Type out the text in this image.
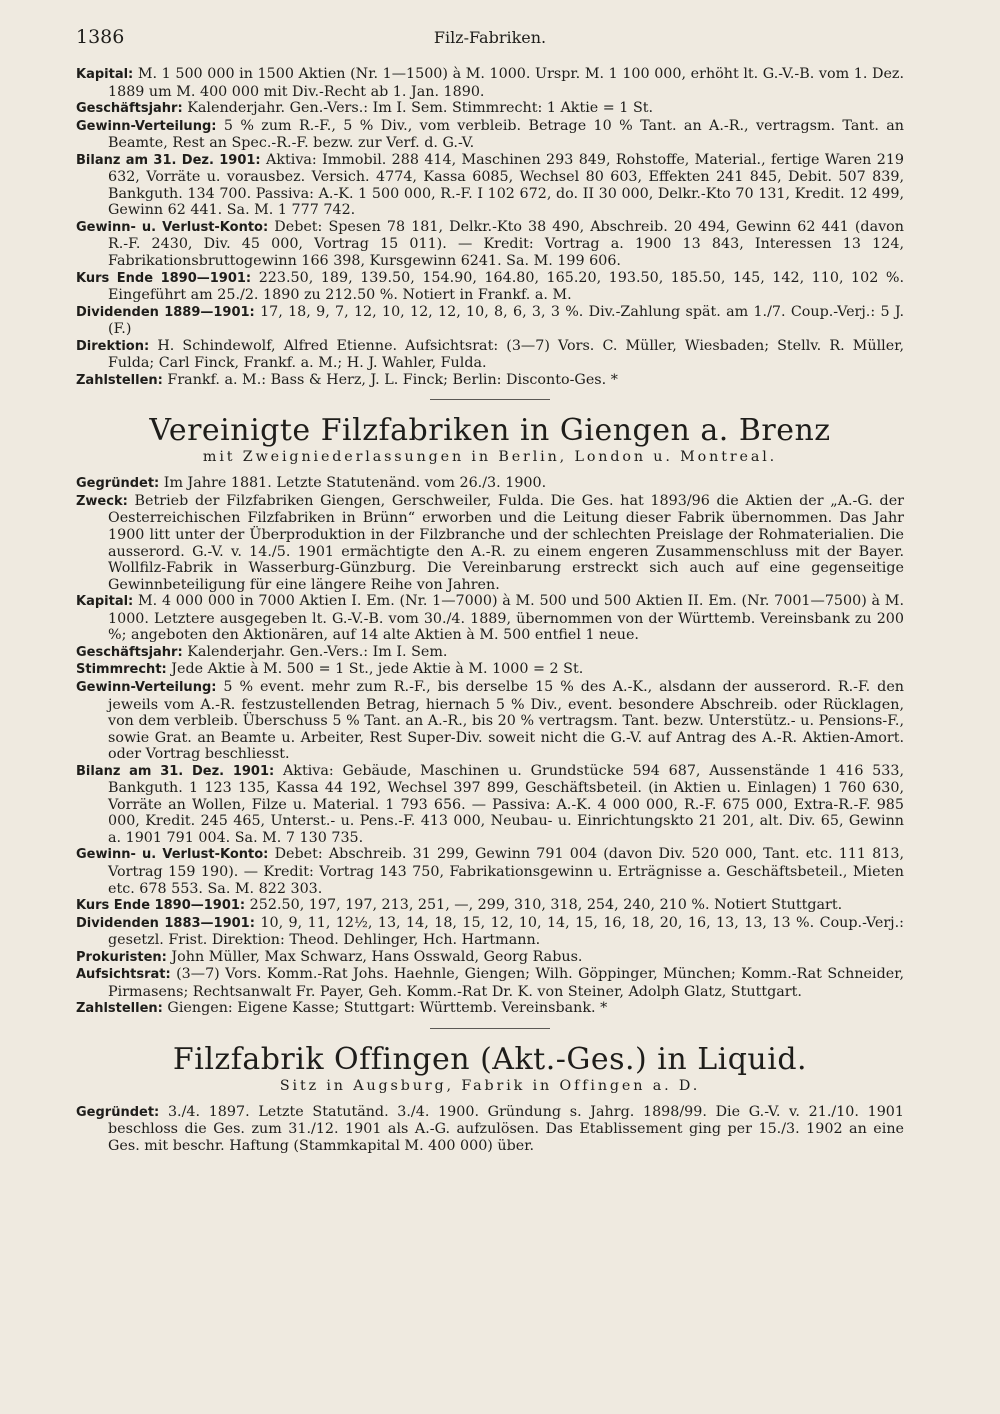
1386	Filz-Fabriken.

Kapital: M. 1 500 000 in 1500 Aktien (Nr. 1—1500) à M. 1000. Urspr. M. 1 100 000, erhöht lt. G.-V.-B. vom 1. Dez. 1889 um M. 400 000 mit Div.-Recht ab 1. Jan. 1890.

Geschäftsjahr: Kalenderjahr. Gen.-Vers.: Im I. Sem. Stimmrecht: 1 Aktie = 1 St.

Gewinn-Verteilung: 5 % zum R.-F., 5 % Div., vom verbleib. Betrage 10 % Tant. an A.-R., vertragsm. Tant. an Beamte, Rest an Spec.-R.-F. bezw. zur Verf. d. G.-V.

Bilanz am 31. Dez. 1901: Aktiva: Immobil. 288 414, Maschinen 293 849, Rohstoffe, Material., fertige Waren 219 632, Vorräte u. vorausbez. Versich. 4774, Kassa 6085, Wechsel 80 603, Effekten 241 845, Debit. 507 839, Bankguth. 134 700. Passiva: A.-K. 1 500 000, R.-F. I 102 672, do. II 30 000, Delkr.-Kto 70 131, Kredit. 12 499, Gewinn 62 441. Sa. M. 1 777 742.

Gewinn- u. Verlust-Konto: Debet: Spesen 78 181, Delkr.-Kto 38 490, Abschreib. 20 494, Gewinn 62 441 (davon R.-F. 2430, Div. 45 000, Vortrag 15 011). — Kredit: Vortrag a. 1900 13 843, Interessen 13 124, Fabrikationsbruttogewinn 166 398, Kursgewinn 6241. Sa. M. 199 606.

Kurs Ende 1890—1901: 223.50, 189, 139.50, 154.90, 164.80, 165.20, 193.50, 185.50, 145, 142, 110, 102 %. Eingeführt am 25./2. 1890 zu 212.50 %. Notiert in Frankf. a. M.

Dividenden 1889—1901: 17, 18, 9, 7, 12, 10, 12, 12, 10, 8, 6, 3, 3 %. Div.-Zahlung spät. am 1./7. Coup.-Verj.: 5 J. (F.)

Direktion: H. Schindewolf, Alfred Etienne. Aufsichtsrat: (3—7) Vors. C. Müller, Wiesbaden; Stellv. R. Müller, Fulda; Carl Finck, Frankf. a. M.; H. J. Wahler, Fulda.

Zahlstellen: Frankf. a. M.: Bass & Herz, J. L. Finck; Berlin: Disconto-Ges. *

Vereinigte Filzfabriken in Giengen a. Brenz
mit Zweigniederlassungen in Berlin, London u. Montreal.

Gegründet: Im Jahre 1881. Letzte Statutenänd. vom 26./3. 1900.

Zweck: Betrieb der Filzfabriken Giengen, Gerschweiler, Fulda. Die Ges. hat 1893/96 die Aktien der „A.-G. der Oesterreichischen Filzfabriken in Brünn“ erworben und die Leitung dieser Fabrik übernommen. Das Jahr 1900 litt unter der Überproduktion in der Filzbranche und der schlechten Preislage der Rohmaterialien. Die ausserord. G.-V. v. 14./5. 1901 ermächtigte den A.-R. zu einem engeren Zusammenschluss mit der Bayer. Wollfilz-Fabrik in Wasserburg-Günzburg. Die Vereinbarung erstreckt sich auch auf eine gegenseitige Gewinnbeteiligung für eine längere Reihe von Jahren.

Kapital: M. 4 000 000 in 7000 Aktien I. Em. (Nr. 1—7000) à M. 500 und 500 Aktien II. Em. (Nr. 7001—7500) à M. 1000. Letztere ausgegeben lt. G.-V.-B. vom 30./4. 1889, übernommen von der Württemb. Vereinsbank zu 200 %; angeboten den Aktionären, auf 14 alte Aktien à M. 500 entfiel 1 neue.

Geschäftsjahr: Kalenderjahr. Gen.-Vers.: Im I. Sem.

Stimmrecht: Jede Aktie à M. 500 = 1 St., jede Aktie à M. 1000 = 2 St.

Gewinn-Verteilung: 5 % event. mehr zum R.-F., bis derselbe 15 % des A.-K., alsdann der ausserord. R.-F. den jeweils vom A.-R. festzustellenden Betrag, hiernach 5 % Div., event. besondere Abschreib. oder Rücklagen, von dem verbleib. Überschuss 5 % Tant. an A.-R., bis 20 % vertragsm. Tant. bezw. Unterstütz.- u. Pensions-F., sowie Grat. an Beamte u. Arbeiter, Rest Super-Div. soweit nicht die G.-V. auf Antrag des A.-R. Aktien-Amort. oder Vortrag beschliesst.

Bilanz am 31. Dez. 1901: Aktiva: Gebäude, Maschinen u. Grundstücke 594 687, Aussenstände 1 416 533, Bankguth. 1 123 135, Kassa 44 192, Wechsel 397 899, Geschäftsbeteil. (in Aktien u. Einlagen) 1 760 630, Vorräte an Wollen, Filze u. Material. 1 793 656. — Passiva: A.-K. 4 000 000, R.-F. 675 000, Extra-R.-F. 985 000, Kredit. 245 465, Unterst.- u. Pens.-F. 413 000, Neubau- u. Einrichtungskto 21 201, alt. Div. 65, Gewinn a. 1901 791 004. Sa. M. 7 130 735.

Gewinn- u. Verlust-Konto: Debet: Abschreib. 31 299, Gewinn 791 004 (davon Div. 520 000, Tant. etc. 111 813, Vortrag 159 190). — Kredit: Vortrag 143 750, Fabrikationsgewinn u. Erträgnisse a. Geschäftsbeteil., Mieten etc. 678 553. Sa. M. 822 303.

Kurs Ende 1890—1901: 252.50, 197, 197, 213, 251, —, 299, 310, 318, 254, 240, 210 %. Notiert Stuttgart.

Dividenden 1883—1901: 10, 9, 11, 12½, 13, 14, 18, 15, 12, 10, 14, 15, 16, 18, 20, 16, 13, 13, 13 %. Coup.-Verj.: gesetzl. Frist. Direktion: Theod. Dehlinger, Hch. Hartmann.

Prokuristen: John Müller, Max Schwarz, Hans Osswald, Georg Rabus.

Aufsichtsrat: (3—7) Vors. Komm.-Rat Johs. Haehnle, Giengen; Wilh. Göppinger, München; Komm.-Rat Schneider, Pirmasens; Rechtsanwalt Fr. Payer, Geh. Komm.-Rat Dr. K. von Steiner, Adolph Glatz, Stuttgart.

Zahlstellen: Giengen: Eigene Kasse; Stuttgart: Württemb. Vereinsbank. *

Filzfabrik Offingen (Akt.-Ges.) in Liquid.
Sitz in Augsburg, Fabrik in Offingen a. D.

Gegründet: 3./4. 1897. Letzte Statutänd. 3./4. 1900. Gründung s. Jahrg. 1898/99. Die G.-V. v. 21./10. 1901 beschloss die Ges. zum 31./12. 1901 als A.-G. aufzulösen. Das Etablissement ging per 15./3. 1902 an eine Ges. mit beschr. Haftung (Stammkapital M. 400 000) über.
